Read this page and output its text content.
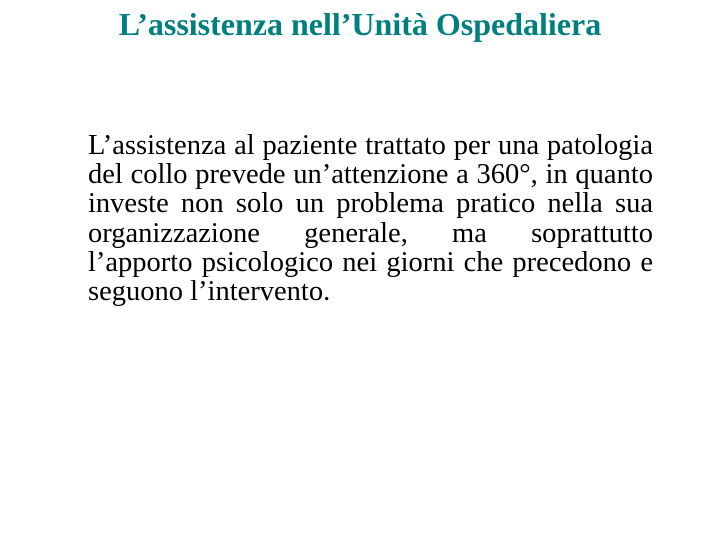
L’assistenza nell’Unità Ospedaliera
L’assistenza al paziente trattato per una patologia del collo prevede un’attenzione a 360°, in quanto investe non solo un problema pratico nella sua organizzazione generale, ma soprattutto l’apporto psicologico nei giorni che precedono e seguono l’intervento.
